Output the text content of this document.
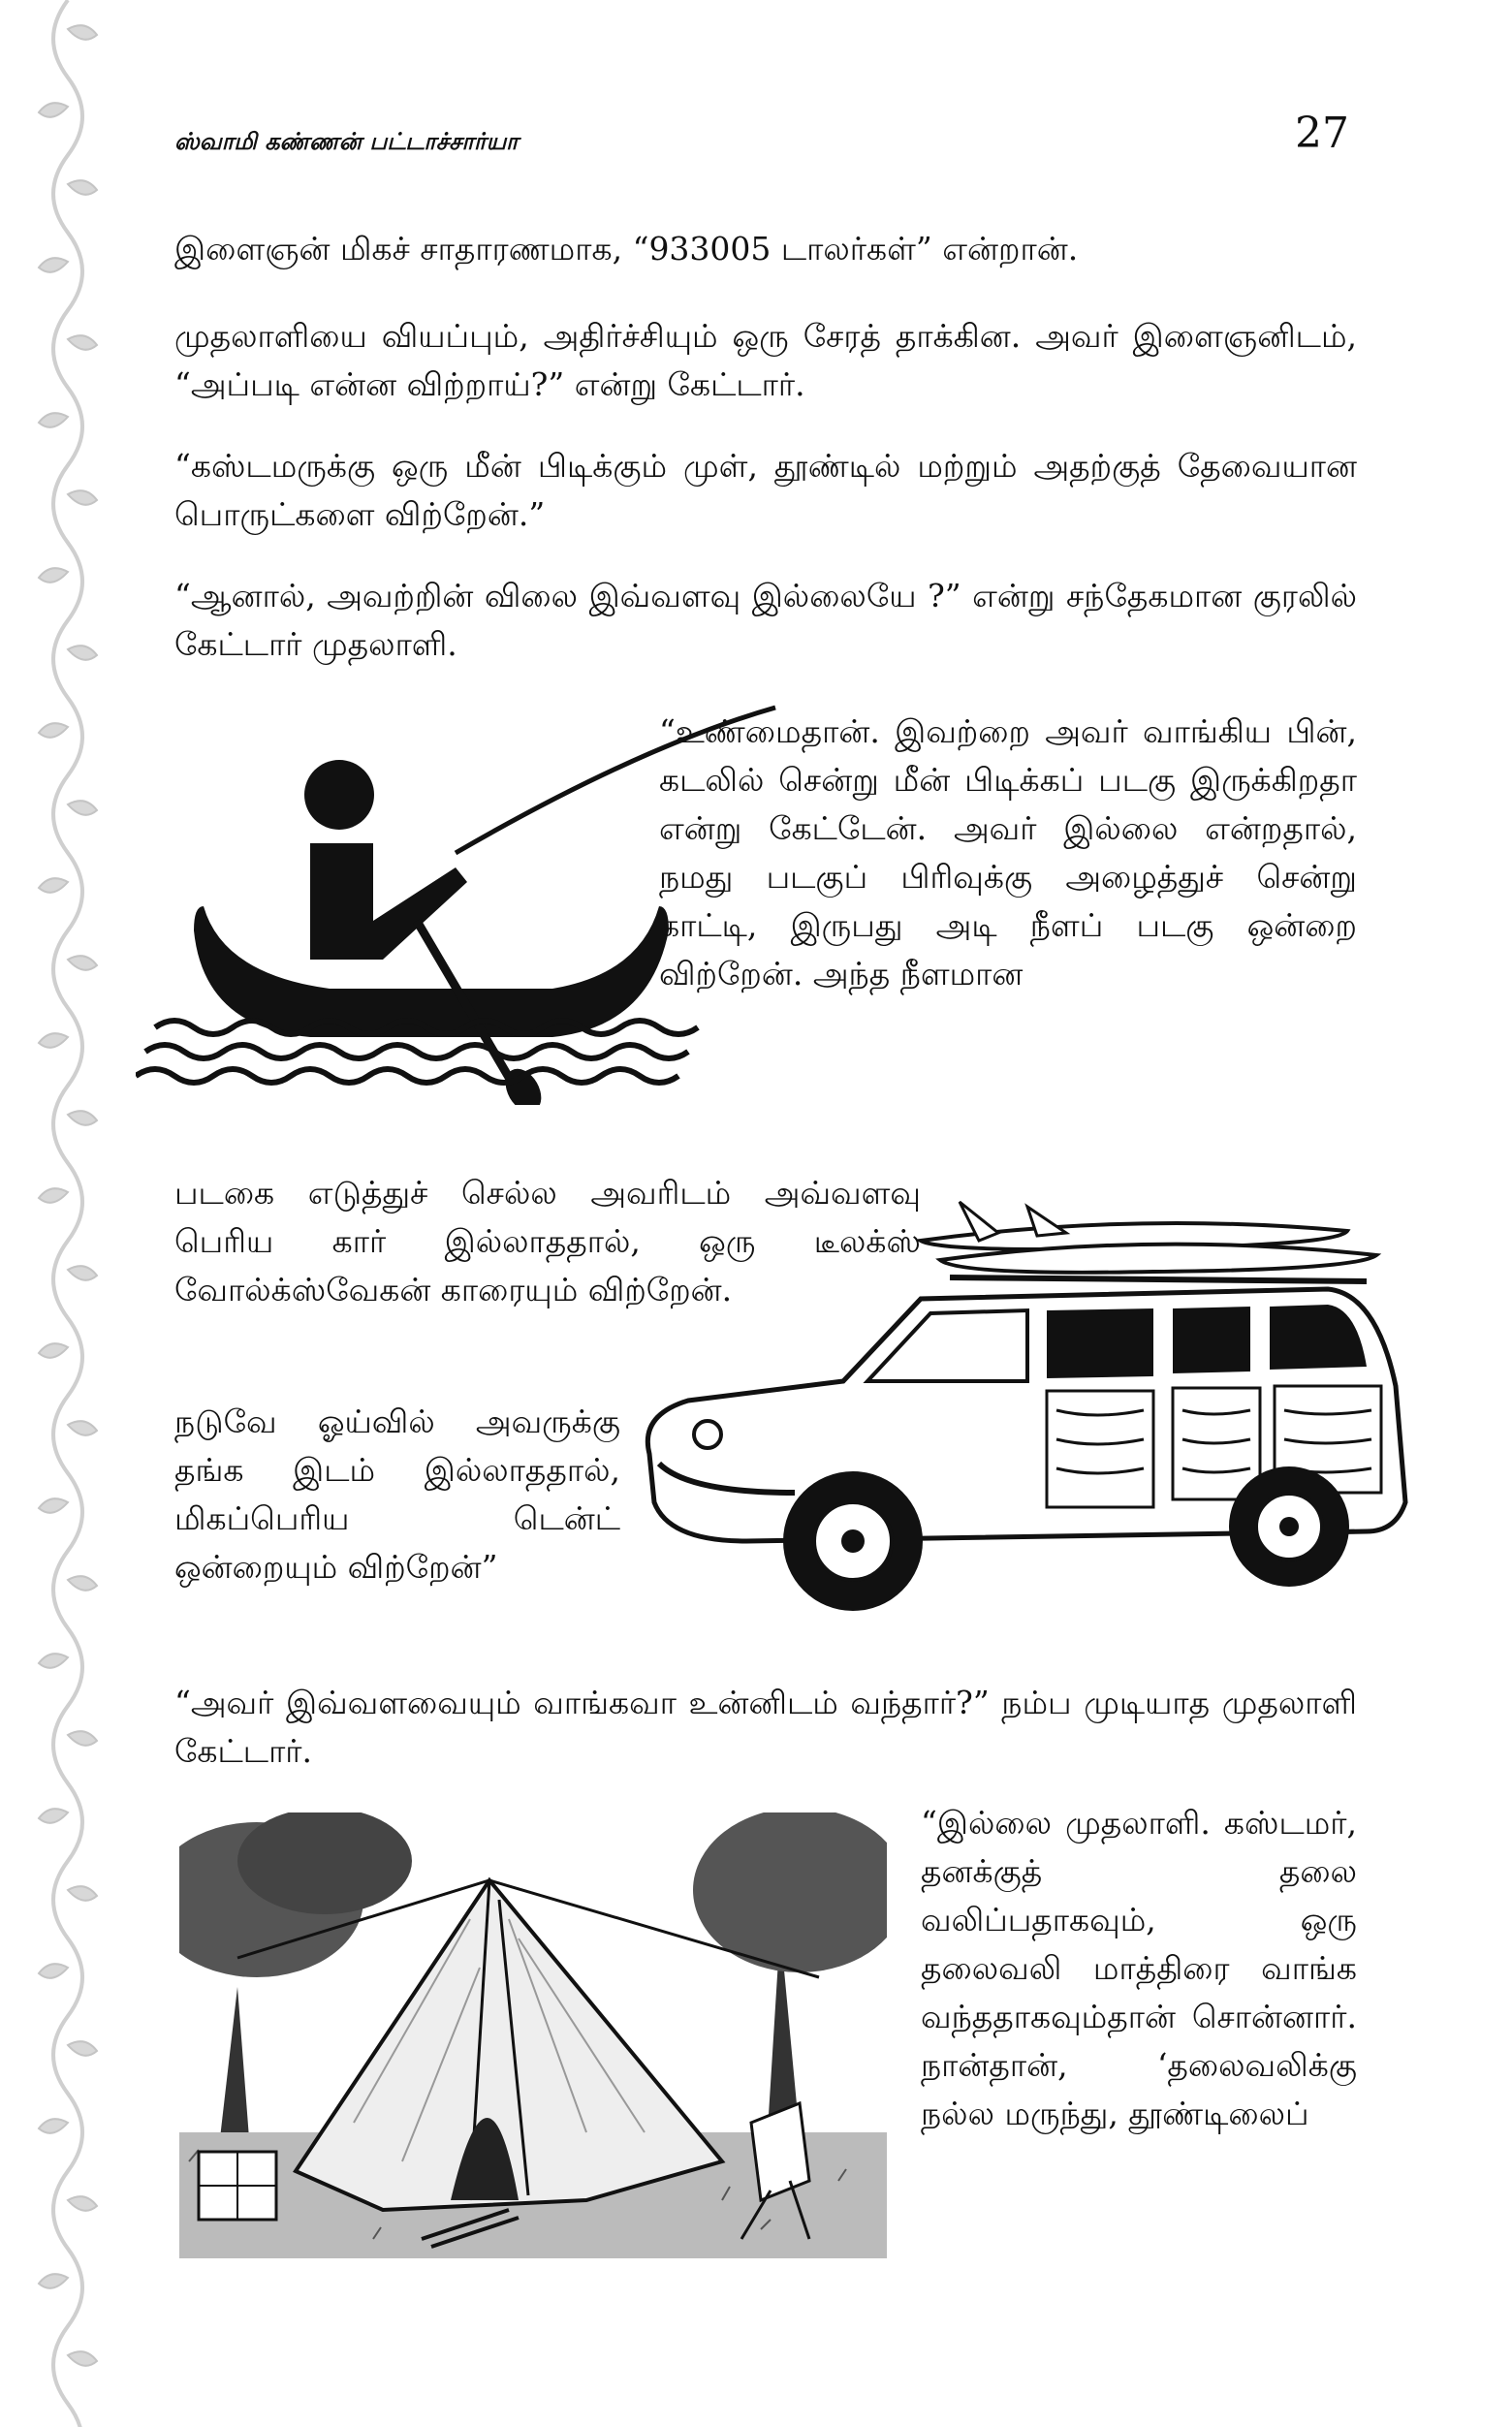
ஸ்வாமி கண்ணன் பட்டாச்சார்யா	27
இளைஞன் மிகச் சாதாரணமாக, “933005 டாலர்கள்” என்றான்.
முதலாளியை வியப்பும், அதிர்ச்சியும் ஒரு சேரத் தாக்கின. அவர் இளைஞனிடம், “அப்படி என்ன விற்றாய்?” என்று கேட்டார்.
“கஸ்டமருக்கு ஒரு மீன் பிடிக்கும் முள், தூண்டில் மற்றும் அதற்குத் தேவையான பொருட்களை விற்றேன்.”
“ஆனால், அவற்றின் விலை இவ்வளவு இல்லையே ?” என்று சந்தேகமான குரலில் கேட்டார் முதலாளி.
“உண்மைதான். இவற்றை அவர் வாங்கிய பின், கடலில் சென்று மீன் பிடிக்கப் படகு இருக்கிறதா என்று கேட்டேன். அவர் இல்லை என்றதால், நமது படகுப் பிரிவுக்கு அழைத்துச் சென்று காட்டி, இருபது அடி நீளப் படகு ஒன்றை விற்றேன். அந்த நீளமான
படகை எடுத்துச் செல்ல அவரிடம் அவ்வளவு பெரிய கார் இல்லாததால், ஒரு டீலக்ஸ் வோல்க்ஸ்வேகன் காரையும் விற்றேன்.
நடுவே ஓய்வில் அவருக்கு தங்க இடம் இல்லாததால், மிகப்பெரிய டென்ட் ஒன்றையும் விற்றேன்”
“அவர் இவ்வளவையும் வாங்கவா உன்னிடம் வந்தார்?” நம்ப முடியாத முதலாளி கேட்டார்.
“இல்லை முதலாளி. கஸ்டமர், தனக்குத் தலை வலிப்பதாகவும், ஒரு தலைவலி மாத்திரை வாங்க வந்ததாகவும்தான் சொன்னார். நான்தான், ‘தலைவலிக்கு நல்ல மருந்து, தூண்டிலைப்
